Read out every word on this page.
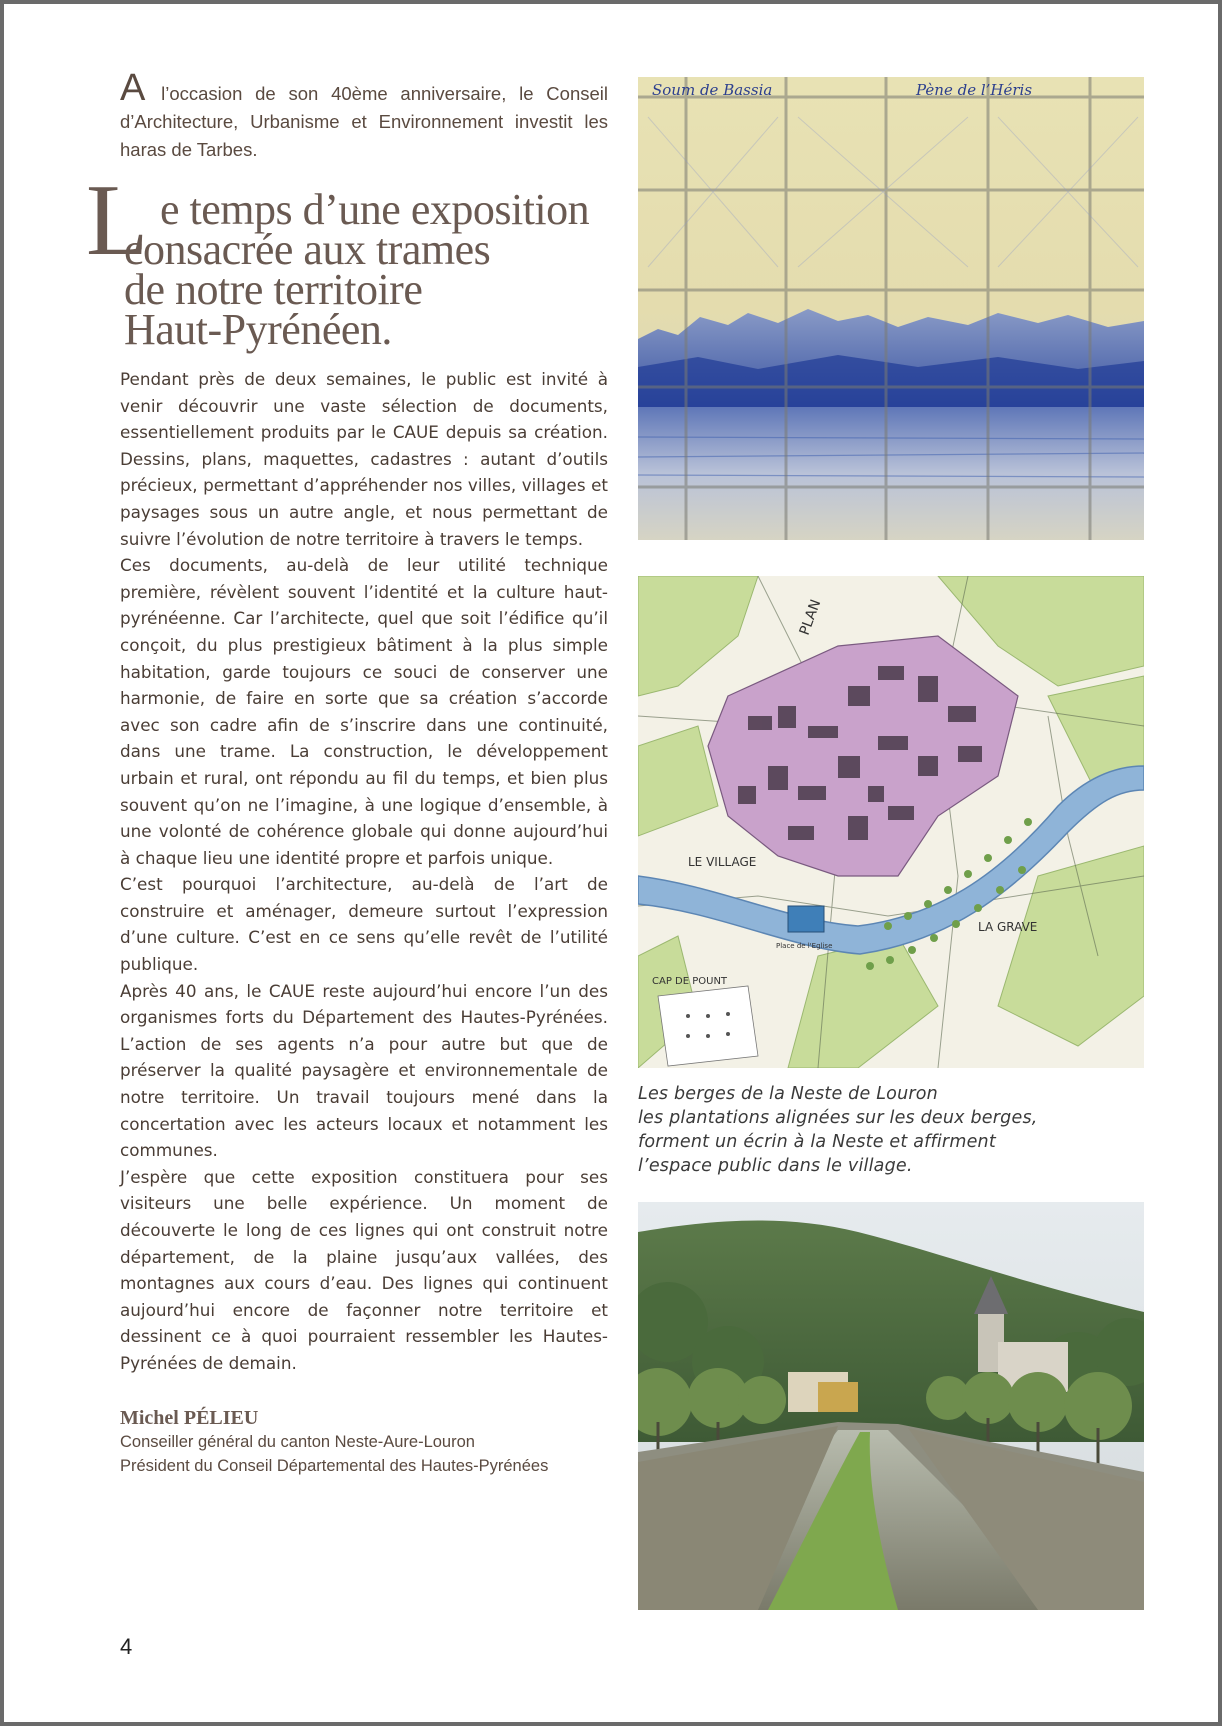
A l’occasion de son 40ème anniversaire, le Conseil d’Architecture, Urbanisme et Environnement investit les haras de Tarbes.

L e temps d’une exposition
consacrée aux trames
de notre territoire
Haut-Pyrénéen.

Pendant près de deux semaines, le public est invité à venir découvrir une vaste sélection de documents, essentiellement produits par le CAUE depuis sa création. Dessins, plans, maquettes, cadastres : autant d’outils précieux, permettant d’appréhender nos villes, villages et paysages sous un autre angle, et nous permettant de suivre l’évolution de notre territoire à travers le temps.

Ces documents, au-delà de leur utilité technique première, révèlent souvent l’identité et la culture haut-pyrénéenne. Car l’architecte, quel que soit l’édifice qu’il conçoit, du plus prestigieux bâtiment à la plus simple habitation, garde toujours ce souci de conserver une harmonie, de faire en sorte que sa création s’accorde avec son cadre afin de s’inscrire dans une continuité, dans une trame. La construction, le développement urbain et rural, ont répondu au fil du temps, et bien plus souvent qu’on ne l’imagine, à une logique d’ensemble, à une volonté de cohérence globale qui donne aujourd’hui à chaque lieu une identité propre et parfois unique.

C’est pourquoi l’architecture, au-delà de l’art de construire et aménager, demeure surtout l’expression d’une culture. C’est en ce sens qu’elle revêt de l’utilité publique.

Après 40 ans, le CAUE reste aujourd’hui encore l’un des organismes forts du Département des Hautes-Pyrénées. L’action de ses agents n’a pour autre but que de préserver la qualité paysagère et environnementale de notre territoire. Un travail toujours mené dans la concertation avec les acteurs locaux et notamment les communes.

J’espère que cette exposition constituera pour ses visiteurs une belle expérience. Un moment de découverte le long de ces lignes qui ont construit notre département, de la plaine jusqu’aux vallées, des montagnes aux cours d’eau. Des lignes qui continuent aujourd’hui encore de façonner notre territoire et dessinent ce à quoi pourraient ressembler les Hautes-Pyrénées de demain.

Michel PÉLIEU
Conseiller général du canton Neste-Aure-Louron
Président du Conseil Départemental des Hautes-Pyrénées
4
Soum de Bassia	Pène de l’Héris
PLAN
LE VILLAGE
LA GRAVE
CAP DE POUNT
Place de l'Eglise
Les berges de la Neste de Louron
les plantations alignées sur les deux berges,
forment un écrin à la Neste et affirment
l’espace public dans le village.
